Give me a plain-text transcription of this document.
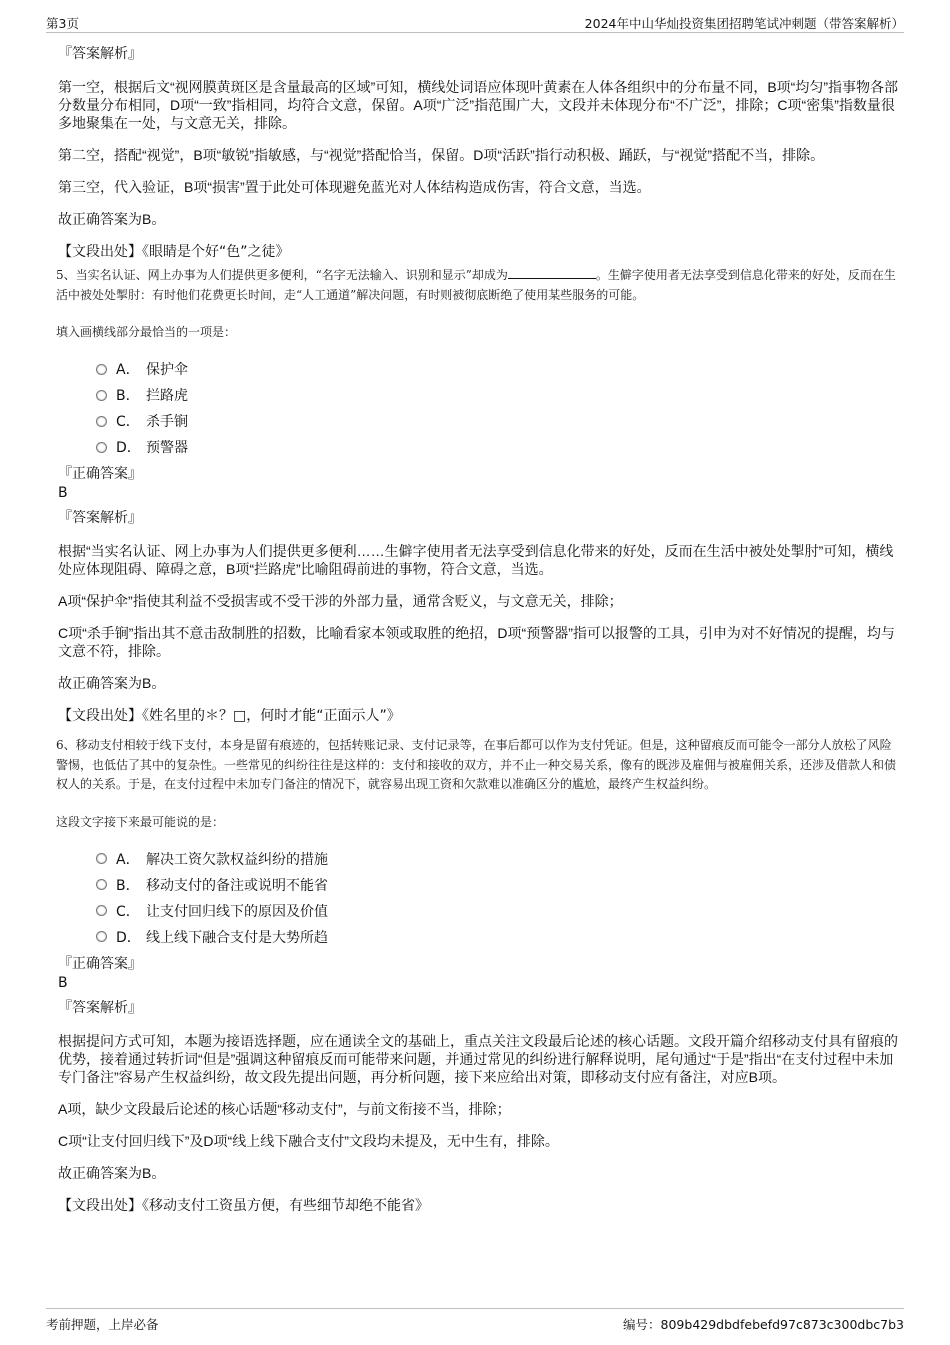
第3页	2024年中山华灿投资集团招聘笔试冲刺题（带答案解析）
『答案解析』

第一空，根据后文“视网膜黄斑区是含量最高的区域”可知，横线处词语应体现叶黄素在人体各组织中的分布量不同，B项“均匀”指事物各部分数量分布相同，D项“一致”指相同，均符合文意，保留。A项“广泛”指范围广大，文段并未体现分布“不广泛”，排除；C项“密集”指数量很多地聚集在一处，与文意无关，排除。

第二空，搭配“视觉”，B项“敏锐”指敏感，与“视觉”搭配恰当，保留。D项“活跃”指行动积极、踊跃，与“视觉”搭配不当，排除。

第三空，代入验证，B项“损害”置于此处可体现避免蓝光对人体结构造成伤害，符合文意，当选。

故正确答案为B。

【文段出处】《眼睛是个好“色”之徒》
5、当实名认证、网上办事为人们提供更多便利，“名字无法输入、识别和显示”却成为	。生僻字使用者无法享受到信息化带来的好处，反而在生活中被处处掣肘：有时他们花费更长时间，走“人工通道”解决问题，有时则被彻底断绝了使用某些服务的可能。
填入画横线部分最恰当的一项是：
A． 保护伞
B． 拦路虎
C． 杀手锏
D． 预警器
『正确答案』
B
『答案解析』

根据“当实名认证、网上办事为人们提供更多便利……生僻字使用者无法享受到信息化带来的好处，反而在生活中被处处掣肘”可知，横线处应体现阻碍、障碍之意，B项“拦路虎”比喻阻碍前进的事物，符合文意，当选。

A项“保护伞”指使其利益不受损害或不受干涉的外部力量，通常含贬义，与文意无关，排除；

C项“杀手锏”指出其不意击敌制胜的招数，比喻看家本领或取胜的绝招，D项“预警器”指可以报警的工具，引申为对不好情况的提醒，均与文意不符，排除。

故正确答案为B。

【文段出处】《姓名里的＊？□，何时才能“正面示人”》
6、移动支付相较于线下支付，本身是留有痕迹的，包括转账记录、支付记录等，在事后都可以作为支付凭证。但是，这种留痕反而可能令一部分人放松了风险警惕，也低估了其中的复杂性。一些常见的纠纷往往是这样的：支付和接收的双方，并不止一种交易关系，像有的既涉及雇佣与被雇佣关系，还涉及借款人和债权人的关系。于是，在支付过程中未加专门备注的情况下，就容易出现工资和欠款难以准确区分的尴尬，最终产生权益纠纷。
这段文字接下来最可能说的是：
A． 解决工资欠款权益纠纷的措施
B． 移动支付的备注或说明不能省
C． 让支付回归线下的原因及价值
D． 线上线下融合支付是大势所趋
『正确答案』
B
『答案解析』

根据提问方式可知，本题为接语选择题，应在通读全文的基础上，重点关注文段最后论述的核心话题。文段开篇介绍移动支付具有留痕的优势，接着通过转折词“但是”强调这种留痕反而可能带来问题，并通过常见的纠纷进行解释说明，尾句通过“于是”指出“在支付过程中未加专门备注”容易产生权益纠纷，故文段先提出问题，再分析问题，接下来应给出对策，即移动支付应有备注，对应B项。

A项，缺少文段最后论述的核心话题“移动支付”，与前文衔接不当，排除；

C项“让支付回归线下”及D项“线上线下融合支付”文段均未提及，无中生有，排除。

故正确答案为B。

【文段出处】《移动支付工资虽方便，有些细节却绝不能省》
考前押题，上岸必备	编号：809b429dbdfebefd97c873c300dbc7b3
